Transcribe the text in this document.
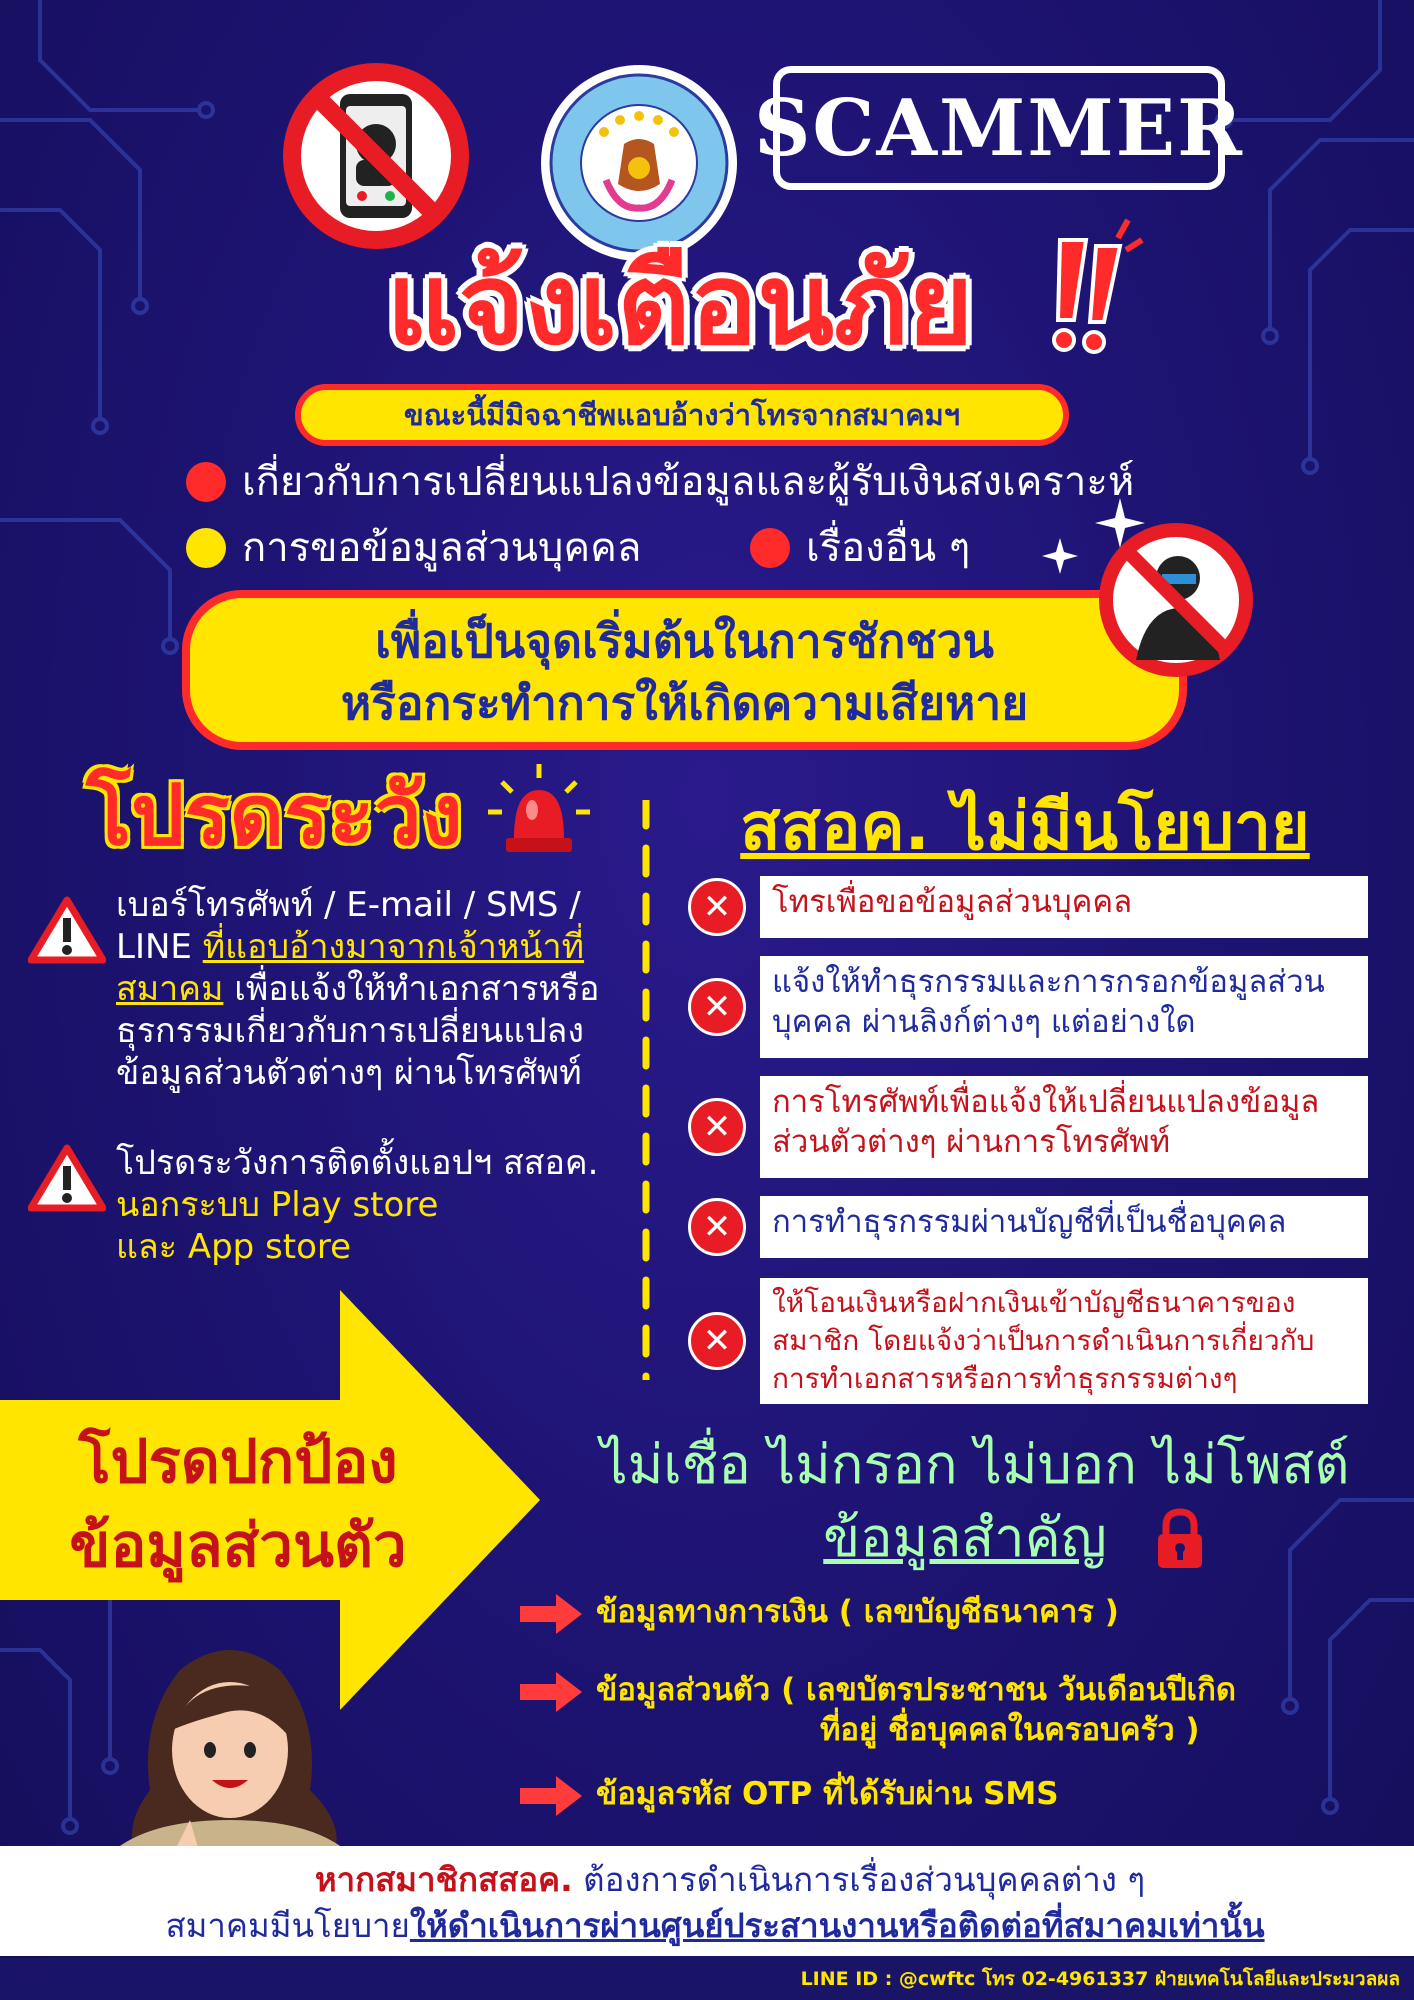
SCAMMER
แจ้งเตือนภัย
ขณะนี้มีมิจฉาชีพแอบอ้างว่าโทรจากสมาคมฯ
เกี่ยวกับการเปลี่ยนแปลงข้อมูลและผู้รับเงินสงเคราะห์
การขอข้อมูลส่วนบุคคล	เรื่องอื่น ๆ
เพื่อเป็นจุดเริ่มต้นในการชักชวน
หรือกระทำการให้เกิดความเสียหาย
โปรดระวัง
เบอร์โทรศัพท์ / E-mail / SMS / LINE ที่แอบอ้างมาจากเจ้าหน้าที่สมาคม เพื่อแจ้งให้ทำเอกสารหรือธุรกรรมเกี่ยวกับการเปลี่ยนแปลงข้อมูลส่วนตัวต่างๆ ผ่านโทรศัพท์
โปรดระวังการติดตั้งแอปฯ สสอค.
นอกระบบ Play store
และ App store
สสอค. ไม่มีนโยบาย
✕	โทรเพื่อขอข้อมูลส่วนบุคคล
✕
แจ้งให้ทำธุรกรรมและการกรอกข้อมูลส่วนบุคคล ผ่านลิงก์ต่างๆ แต่อย่างใด
✕
การโทรศัพท์เพื่อแจ้งให้เปลี่ยนแปลงข้อมูลส่วนตัวต่างๆ ผ่านการโทรศัพท์
✕	การทำธุรกรรมผ่านบัญชีที่เป็นชื่อบุคคล
✕
ให้โอนเงินหรือฝากเงินเข้าบัญชีธนาคารของสมาชิก โดยแจ้งว่าเป็นการดำเนินการเกี่ยวกับการทำเอกสารหรือการทำธุรกรรมต่างๆ
โปรดปกป้อง
ข้อมูลส่วนตัว
ไม่เชื่อ ไม่กรอก ไม่บอก ไม่โพสต์
ข้อมูลสำคัญ
ข้อมูลทางการเงิน ( เลขบัญชีธนาคาร )
ข้อมูลส่วนตัว ( เลขบัตรประชาชน วันเดือนปีเกิด
ที่อยู่ ชื่อบุคคลในครอบครัว )
ข้อมูลรหัส OTP ที่ได้รับผ่าน SMS
หากสมาชิกสสอค. ต้องการดำเนินการเรื่องส่วนบุคคลต่าง ๆ
สมาคมมีนโยบายให้ดำเนินการผ่านศูนย์ประสานงานหรือติดต่อที่สมาคมเท่านั้น
LINE ID : @cwftc โทร 02-4961337 ฝ่ายเทคโนโลยีและประมวลผล
